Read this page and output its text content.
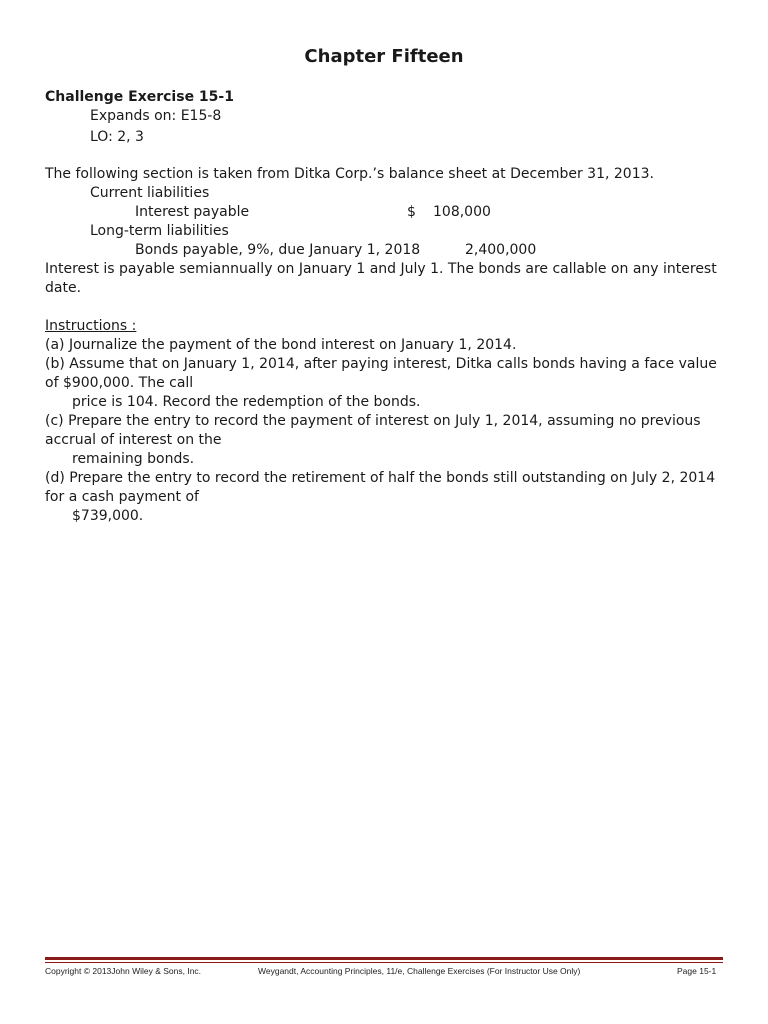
Chapter Fifteen
Challenge Exercise 15-1
Expands on: E15-8
LO: 2, 3
The following section is taken from Ditka Corp.’s balance sheet at December 31, 2013.
Current liabilities
Interest payable	$ 108,000
Long-term liabilities
Bonds payable, 9%, due January 1, 2018	2,400,000
Interest is payable semiannually on January 1 and July 1. The bonds are callable on any interest
date.
Instructions :
(a) Journalize the payment of the bond interest on January 1, 2014.
(b) Assume that on January 1, 2014, after paying interest, Ditka calls bonds having a face value
of $900,000. The call
price is 104. Record the redemption of the bonds.
(c) Prepare the entry to record the payment of interest on July 1, 2014, assuming no previous
accrual of interest on the
remaining bonds.
(d) Prepare the entry to record the retirement of half the bonds still outstanding on July 2, 2014
for a cash payment of
$739,000.
Copyright © 2013John Wiley & Sons, Inc.	Weygandt, Accounting Principles, 11/e, Challenge Exercises (For Instructor Use Only)	Page 15-1
